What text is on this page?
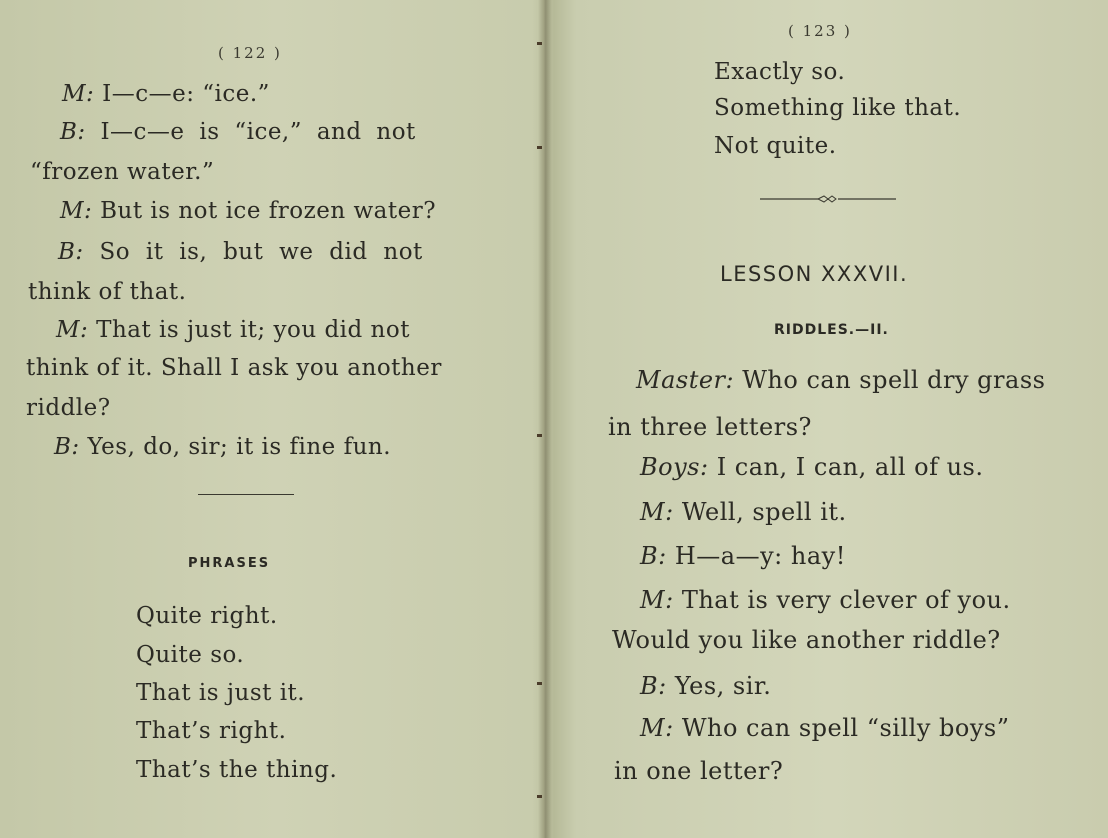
( 122 )
M: I—c—e: “ice.”
B: I—c—e is “ice,” and not
“frozen water.”
M: But is not ice frozen water?
B: So it is, but we did not
think of that.
M: That is just it; you did not
think of it. Shall I ask you another
riddle?
B: Yes, do, sir; it is fine fun.
PHRASES
Quite right.
Quite so.
That is just it.
That’s right.
That’s the thing.
( 123 )
Exactly so.
Something like that.
Not quite.
LESSON XXXVII.
RIDDLES.—II.
Master: Who can spell dry grass
in three letters?
Boys: I can, I can, all of us.
M: Well, spell it.
B: H—a—y: hay!
M: That is very clever of you.
Would you like another riddle?
B: Yes, sir.
M: Who can spell “silly boys”
in one letter?
